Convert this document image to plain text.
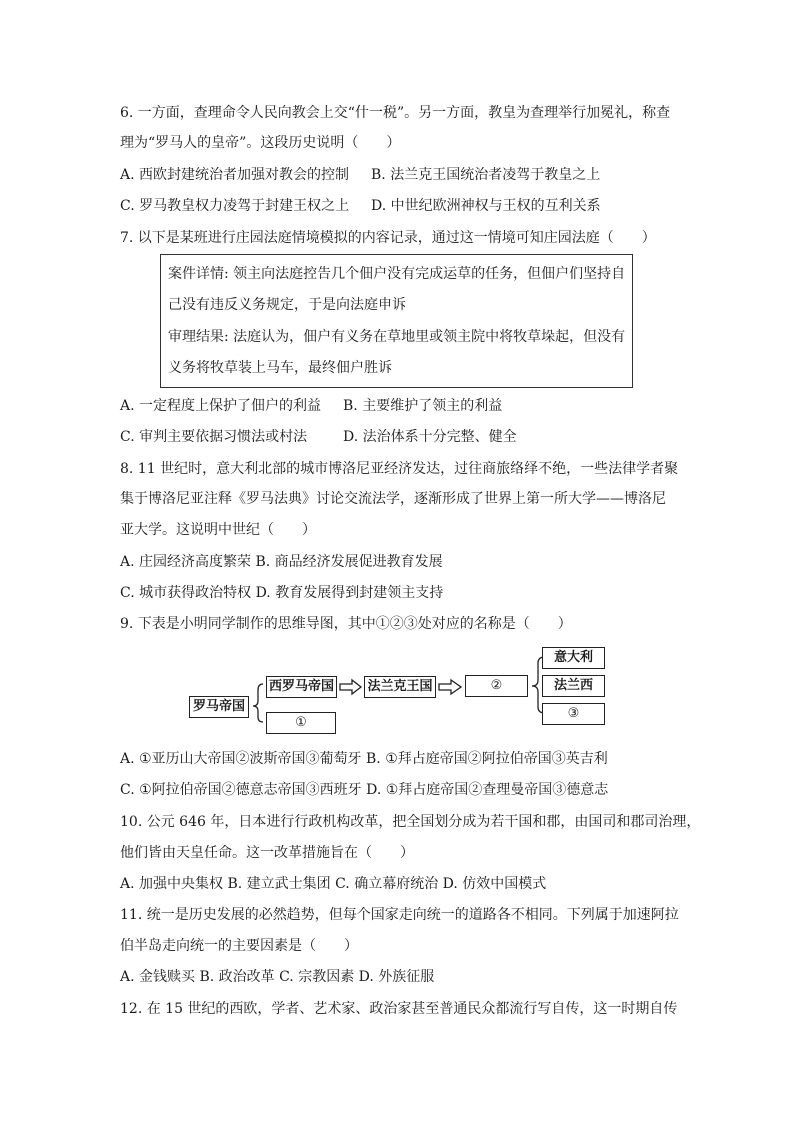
6. 一方面，查理命令人民向教会上交“什一税”。另一方面，教皇为查理举行加冕礼，称查
理为“罗马人的皇帝”。这段历史说明（　　）
A. 西欧封建统治者加强对教会的控制 B. 法兰克王国统治者凌驾于教皇之上
C. 罗马教皇权力凌驾于封建王权之上 D. 中世纪欧洲神权与王权的互利关系
7. 以下是某班进行庄园法庭情境模拟的内容记录，通过这一情境可知庄园法庭（　　）
案件详情: 领主向法庭控告几个佃户没有完成运草的任务，但佃户们坚持自
己没有违反义务规定，于是向法庭申诉
审理结果: 法庭认为，佃户有义务在草地里或领主院中将牧草垛起，但没有
义务将牧草装上马车，最终佃户胜诉
A. 一定程度上保护了佃户的利益 B. 主要维护了领主的利益
C. 审判主要依据习惯法或村法	D. 法治体系十分完整、健全
8. 11 世纪时，意大利北部的城市博洛尼亚经济发达，过往商旅络绎不绝，一些法律学者聚
集于博洛尼亚注释《罗马法典》讨论交流法学，逐渐形成了世界上第一所大学——博洛尼
亚大学。这说明中世纪（　　）
A. 庄园经济高度繁荣 B. 商品经济发展促进教育发展
C. 城市获得政治特权 D. 教育发展得到封建领主支持
9. 下表是小明同学制作的思维导图，其中①②③处对应的名称是（　　）
罗马帝国
西罗马帝国
①
法兰克王国	②
意大利
法兰西
③
A. ①亚历山大帝国②波斯帝国③葡萄牙 B. ①拜占庭帝国②阿拉伯帝国③英吉利
C. ①阿拉伯帝国②德意志帝国③西班牙 D. ①拜占庭帝国②查理曼帝国③德意志
10. 公元 646 年，日本进行行政机构改革，把全国划分成为若干国和郡，由国司和郡司治理，
他们皆由天皇任命。这一改革措施旨在（　　）
A. 加强中央集权 B. 建立武士集团 C. 确立幕府统治 D. 仿效中国模式
11. 统一是历史发展的必然趋势，但每个国家走向统一的道路各不相同。下列属于加速阿拉
伯半岛走向统一的主要因素是（　　）
A. 金钱赎买 B. 政治改革 C. 宗教因素 D. 外族征服
12. 在 15 世纪的西欧，学者、艺术家、政治家甚至普通民众都流行写自传，这一时期自传
